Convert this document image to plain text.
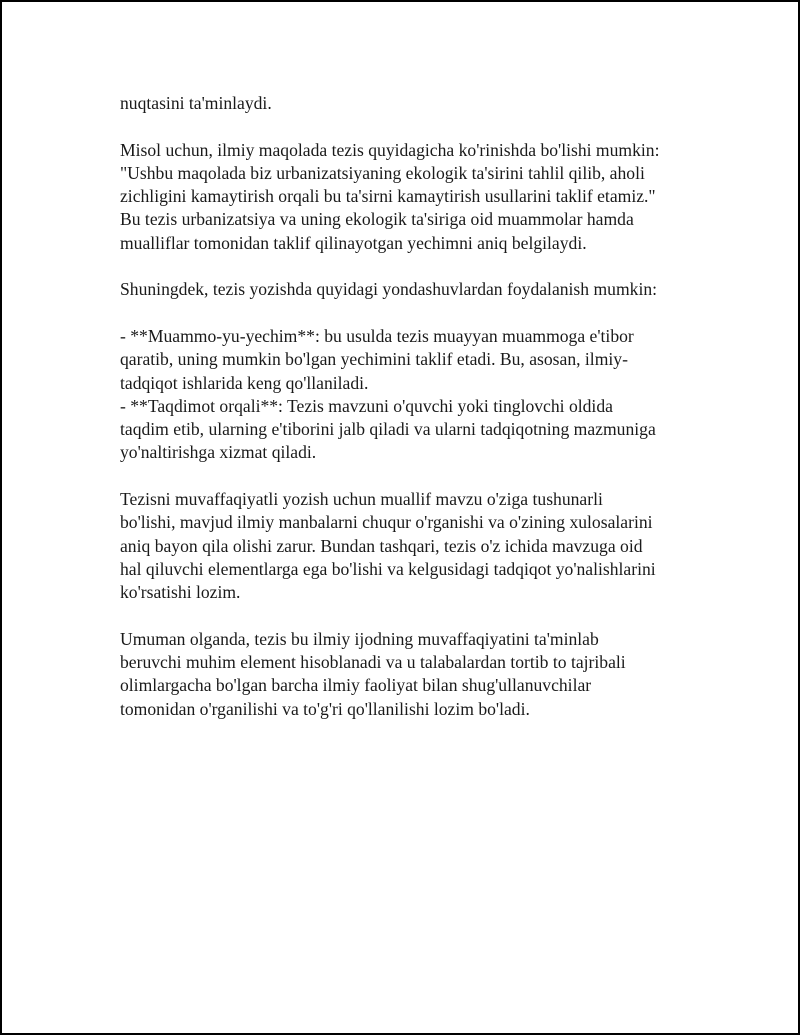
nuqtasini ta'minlaydi.
Misol uchun, ilmiy maqolada tezis quyidagicha ko'rinishda bo'lishi mumkin:
"Ushbu maqolada biz urbanizatsiyaning ekologik ta'sirini tahlil qilib, aholi
zichligini kamaytirish orqali bu ta'sirni kamaytirish usullarini taklif etamiz."
Bu tezis urbanizatsiya va uning ekologik ta'siriga oid muammolar hamda
mualliflar tomonidan taklif qilinayotgan yechimni aniq belgilaydi.
Shuningdek, tezis yozishda quyidagi yondashuvlardan foydalanish mumkin:
- **Muammo-yu-yechim**: bu usulda tezis muayyan muammoga e'tibor
qaratib, uning mumkin bo'lgan yechimini taklif etadi. Bu, asosan, ilmiy-
tadqiqot ishlarida keng qo'llaniladi.
- **Taqdimot orqali**: Tezis mavzuni o'quvchi yoki tinglovchi oldida
taqdim etib, ularning e'tiborini jalb qiladi va ularni tadqiqotning mazmuniga
yo'naltirishga xizmat qiladi.
Tezisni muvaffaqiyatli yozish uchun muallif mavzu o'ziga tushunarli
bo'lishi, mavjud ilmiy manbalarni chuqur o'rganishi va o'zining xulosalarini
aniq bayon qila olishi zarur. Bundan tashqari, tezis o'z ichida mavzuga oid
hal qiluvchi elementlarga ega bo'lishi va kelgusidagi tadqiqot yo'nalishlarini
ko'rsatishi lozim.
Umuman olganda, tezis bu ilmiy ijodning muvaffaqiyatini ta'minlab
beruvchi muhim element hisoblanadi va u talabalardan tortib to tajribali
olimlargacha bo'lgan barcha ilmiy faoliyat bilan shug'ullanuvchilar
tomonidan o'rganilishi va to'g'ri qo'llanilishi lozim bo'ladi.
